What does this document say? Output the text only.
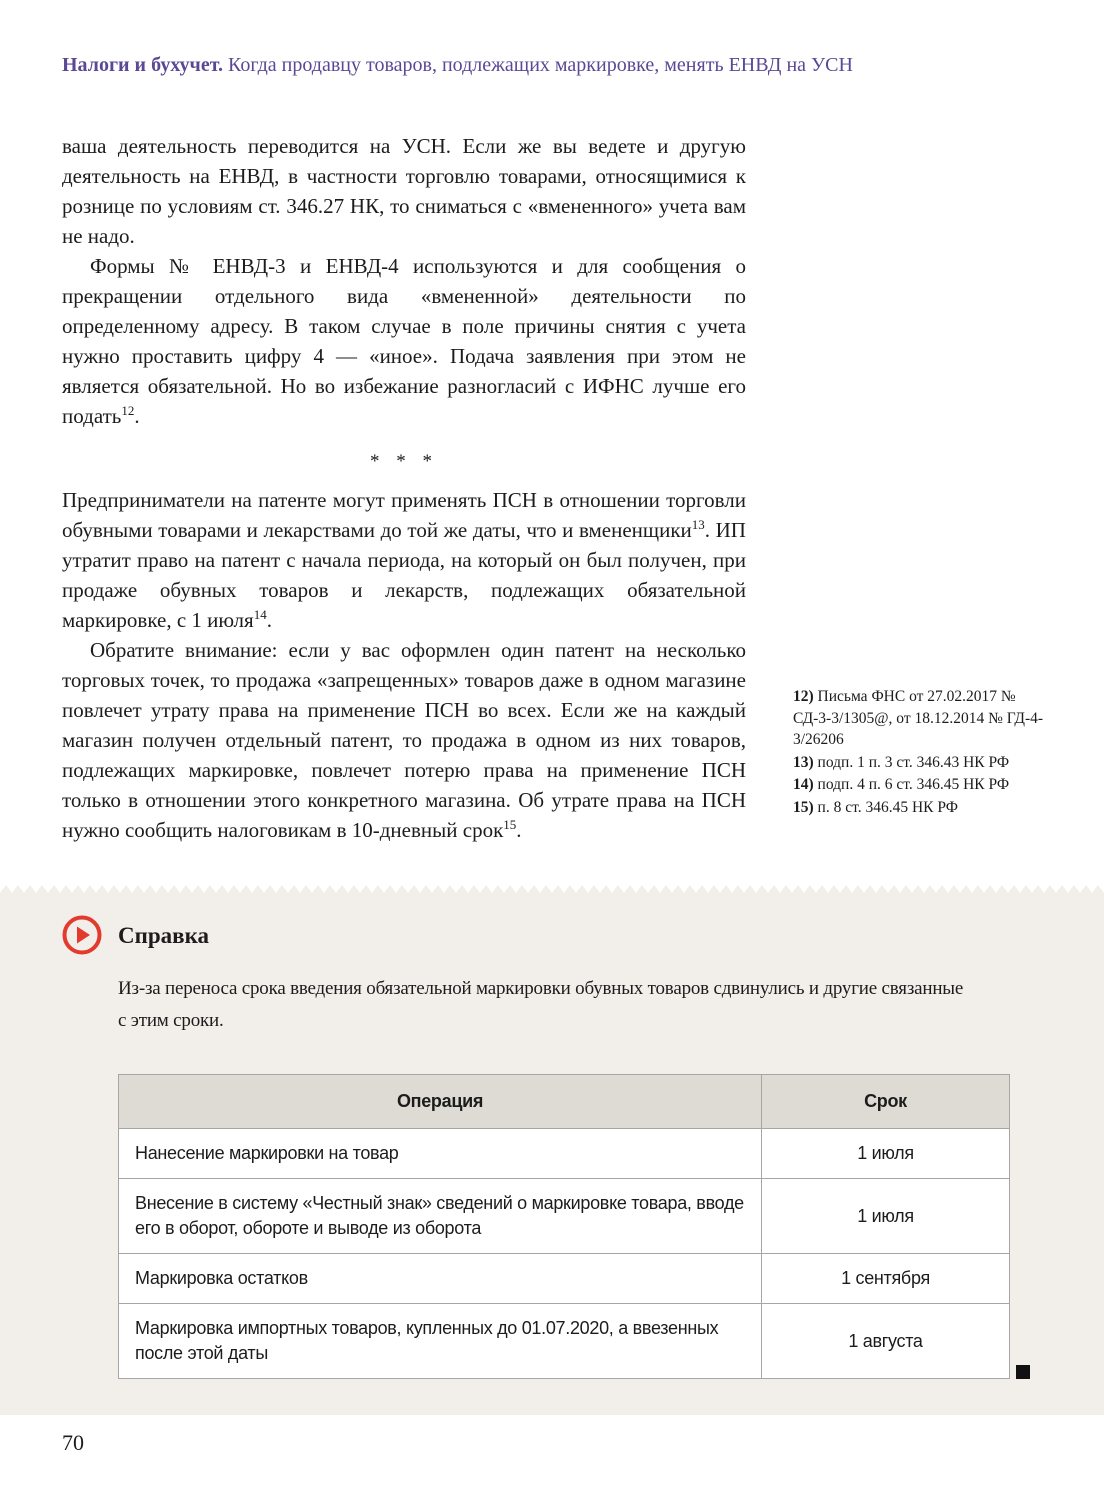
Налоги и бухучет. Когда продавцу товаров, подлежащих маркировке, менять ЕНВД на УСН

ваша деятельность переводится на УСН. Если же вы ведете и другую деятельность на ЕНВД, в частности торговлю товарами, относящимися к рознице по условиям ст. 346.27 НК, то сниматься с «вмененного» учета вам не надо.

Формы № ЕНВД-3 и ЕНВД-4 используются и для сообщения о прекращении отдельного вида «вмененной» деятельности по определенному адресу. В таком случае в поле причины снятия с учета нужно проставить цифру 4 — «иное». Подача заявления при этом не является обязательной. Но во избежание разногласий с ИФНС лучше его подать$^{12}$.

* * *

Предприниматели на патенте могут применять ПСН в отношении торговли обувными товарами и лекарствами до той же даты, что и вмененщики$^{13}$. ИП утратит право на патент с начала периода, на который он был получен, при продаже обувных товаров и лекарств, подлежащих обязательной маркировке, с 1 июля$^{14}$.

Обратите внимание: если у вас оформлен один патент на несколько торговых точек, то продажа «запрещенных» товаров даже в одном магазине повлечет утрату права на применение ПСН во всех. Если же на каждый магазин получен отдельный патент, то продажа в одном из них товаров, подлежащих маркировке, повлечет потерю права на применение ПСН только в отношении этого конкретного магазина. Об утрате права на ПСН нужно сообщить налоговикам в 10-дневный срок$^{15}$.

12) Письма ФНС от 27.02.2017 № СД-3-3/1305@, от 18.12.2014 № ГД-4-3/26206
13) подп. 1 п. 3 ст. 346.43 НК РФ
14) подп. 4 п. 6 ст. 346.45 НК РФ
15) п. 8 ст. 346.45 НК РФ
Справка
Из-за переноса срока введения обязательной маркировки обувных товаров сдвинулись и другие связанные с этим сроки.
Операция	Срок
Нанесение маркировки на товар	1 июля
Внесение в систему «Честный знак» сведений о маркировке товара, вводе его в оборот, обороте и выводе из оборота	1 июля
Маркировка остатков	1 сентября
Маркировка импортных товаров, купленных до 01.07.2020, а ввезенных после этой даты	1 августа
70
